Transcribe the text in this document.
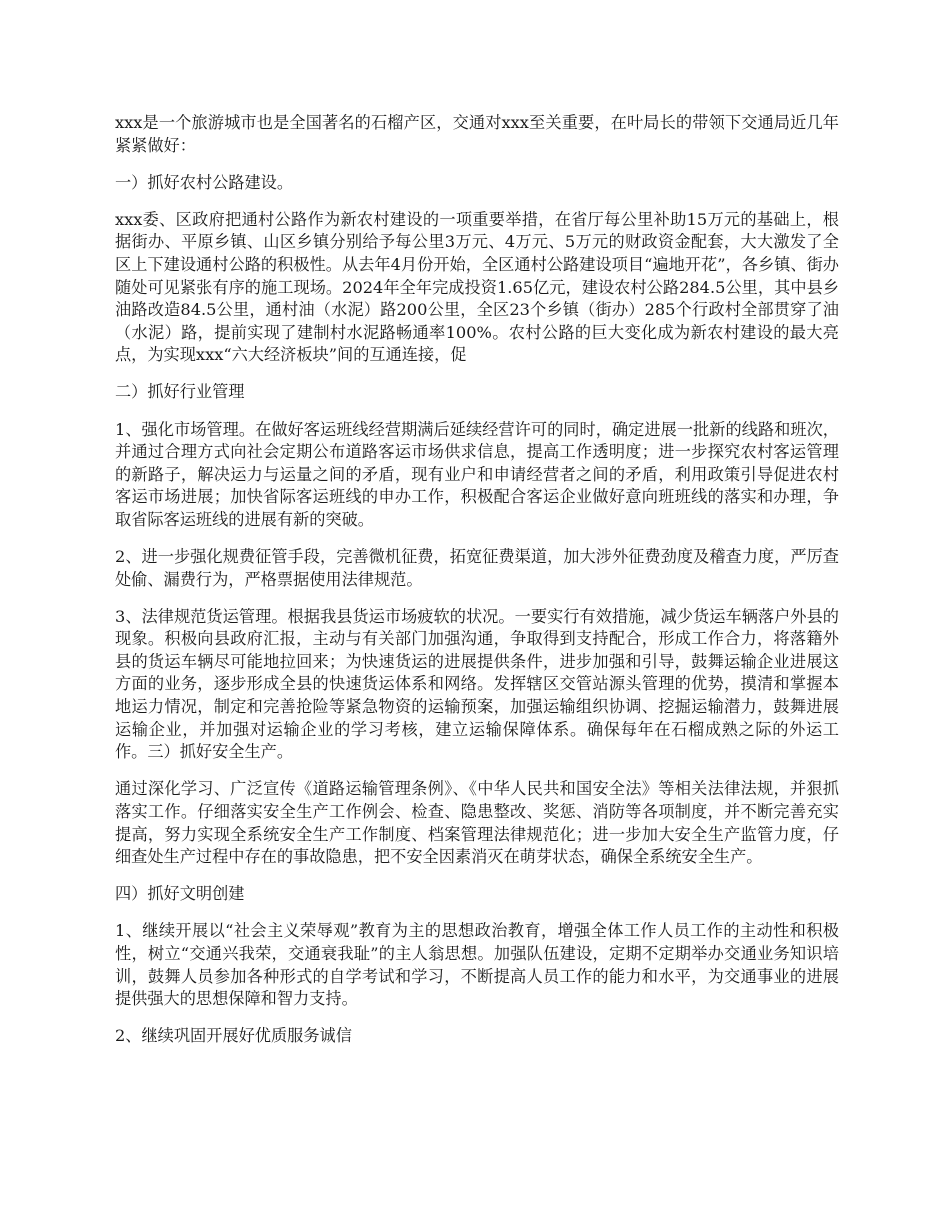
xxx是一个旅游城市也是全国著名的石榴产区，交通对xxx至关重要，在叶局长的带领下交通局近几年紧紧做好：

一）抓好农村公路建设。

xxx委、区政府把通村公路作为新农村建设的一项重要举措，在省厅每公里补助15万元的基础上，根据街办、平原乡镇、山区乡镇分别给予每公里3万元、4万元、5万元的财政资金配套，大大激发了全区上下建设通村公路的积极性。从去年4月份开始，全区通村公路建设项目“遍地开花”，各乡镇、街办随处可见紧张有序的施工现场。2024年全年完成投资1.65亿元，建设农村公路284.5公里，其中县乡油路改造84.5公里，通村油（水泥）路200公里，全区23个乡镇（街办）285个行政村全部贯穿了油（水泥）路，提前实现了建制村水泥路畅通率100%。农村公路的巨大变化成为新农村建设的最大亮点，为实现xxx“六大经济板块”间的互通连接，促

二）抓好行业管理

1、强化市场管理。在做好客运班线经营期满后延续经营许可的同时，确定进展一批新的线路和班次，并通过合理方式向社会定期公布道路客运市场供求信息，提高工作透明度；进一步探究农村客运管理的新路子，解决运力与运量之间的矛盾，现有业户和申请经营者之间的矛盾，利用政策引导促进农村客运市场进展；加快省际客运班线的申办工作，积极配合客运企业做好意向班班线的落实和办理，争取省际客运班线的进展有新的突破。

2、进一步强化规费征管手段，完善微机征费，拓宽征费渠道，加大涉外征费劲度及稽查力度，严厉查处偷、漏费行为，严格票据使用法律规范。

3、法律规范货运管理。根据我县货运市场疲软的状况。一要实行有效措施，减少货运车辆落户外县的现象。积极向县政府汇报，主动与有关部门加强沟通，争取得到支持配合，形成工作合力，将落籍外县的货运车辆尽可能地拉回来；为快速货运的进展提供条件，进步加强和引导，鼓舞运输企业进展这方面的业务，逐步形成全县的快速货运体系和网络。发挥辖区交管站源头管理的优势，摸清和掌握本地运力情况，制定和完善抢险等紧急物资的运输预案，加强运输组织协调、挖掘运输潜力，鼓舞进展运输企业，并加强对运输企业的学习考核，建立运输保障体系。确保每年在石榴成熟之际的外运工作。三）抓好安全生产。

通过深化学习、广泛宣传《道路运输管理条例》、《中华人民共和国安全法》等相关法律法规，并狠抓落实工作。仔细落实安全生产工作例会、检查、隐患整改、奖惩、消防等各项制度，并不断完善充实提高，努力实现全系统安全生产工作制度、档案管理法律规范化；进一步加大安全生产监管力度，仔细查处生产过程中存在的事故隐患，把不安全因素消灭在萌芽状态，确保全系统安全生产。

四）抓好文明创建

1、继续开展以“社会主义荣辱观”教育为主的思想政治教育，增强全体工作人员工作的主动性和积极性，树立“交通兴我荣，交通衰我耻”的主人翁思想。加强队伍建设，定期不定期举办交通业务知识培训，鼓舞人员参加各种形式的自学考试和学习，不断提高人员工作的能力和水平，为交通事业的进展提供强大的思想保障和智力支持。

2、继续巩固开展好优质服务诚信
